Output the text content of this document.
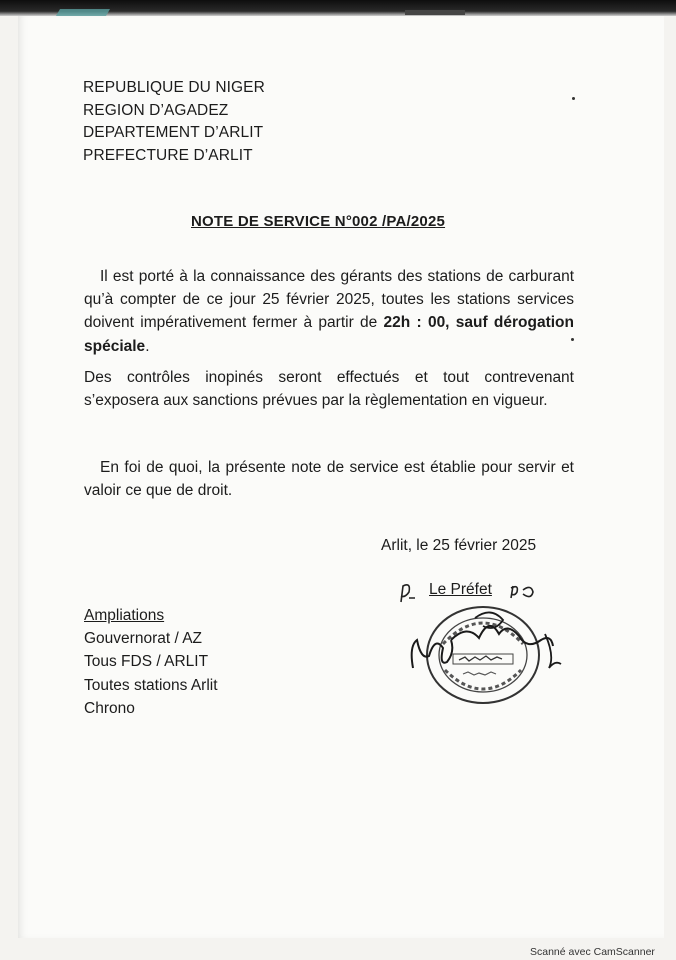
REPUBLIQUE DU NIGER
REGION D’AGADEZ
DEPARTEMENT D’ARLIT
PREFECTURE D’ARLIT
NOTE DE SERVICE N°002 /PA/2025
Il est porté à la connaissance des gérants des stations de carburant qu’à compter de ce jour 25 février 2025, toutes les stations services doivent impérativement fermer à partir de 22h : 00, sauf dérogation spéciale.
Des contrôles inopinés seront effectués et tout contrevenant s’exposera aux sanctions prévues par la règlementation en vigueur.
En foi de quoi, la présente note de service est établie pour servir et valoir ce que de droit.
Arlit, le 25 février 2025
Ampliations
Gouvernorat / AZ
Tous FDS / ARLIT
Toutes stations Arlit
Chrono
Le Préfet
Scanné avec CamScanner
